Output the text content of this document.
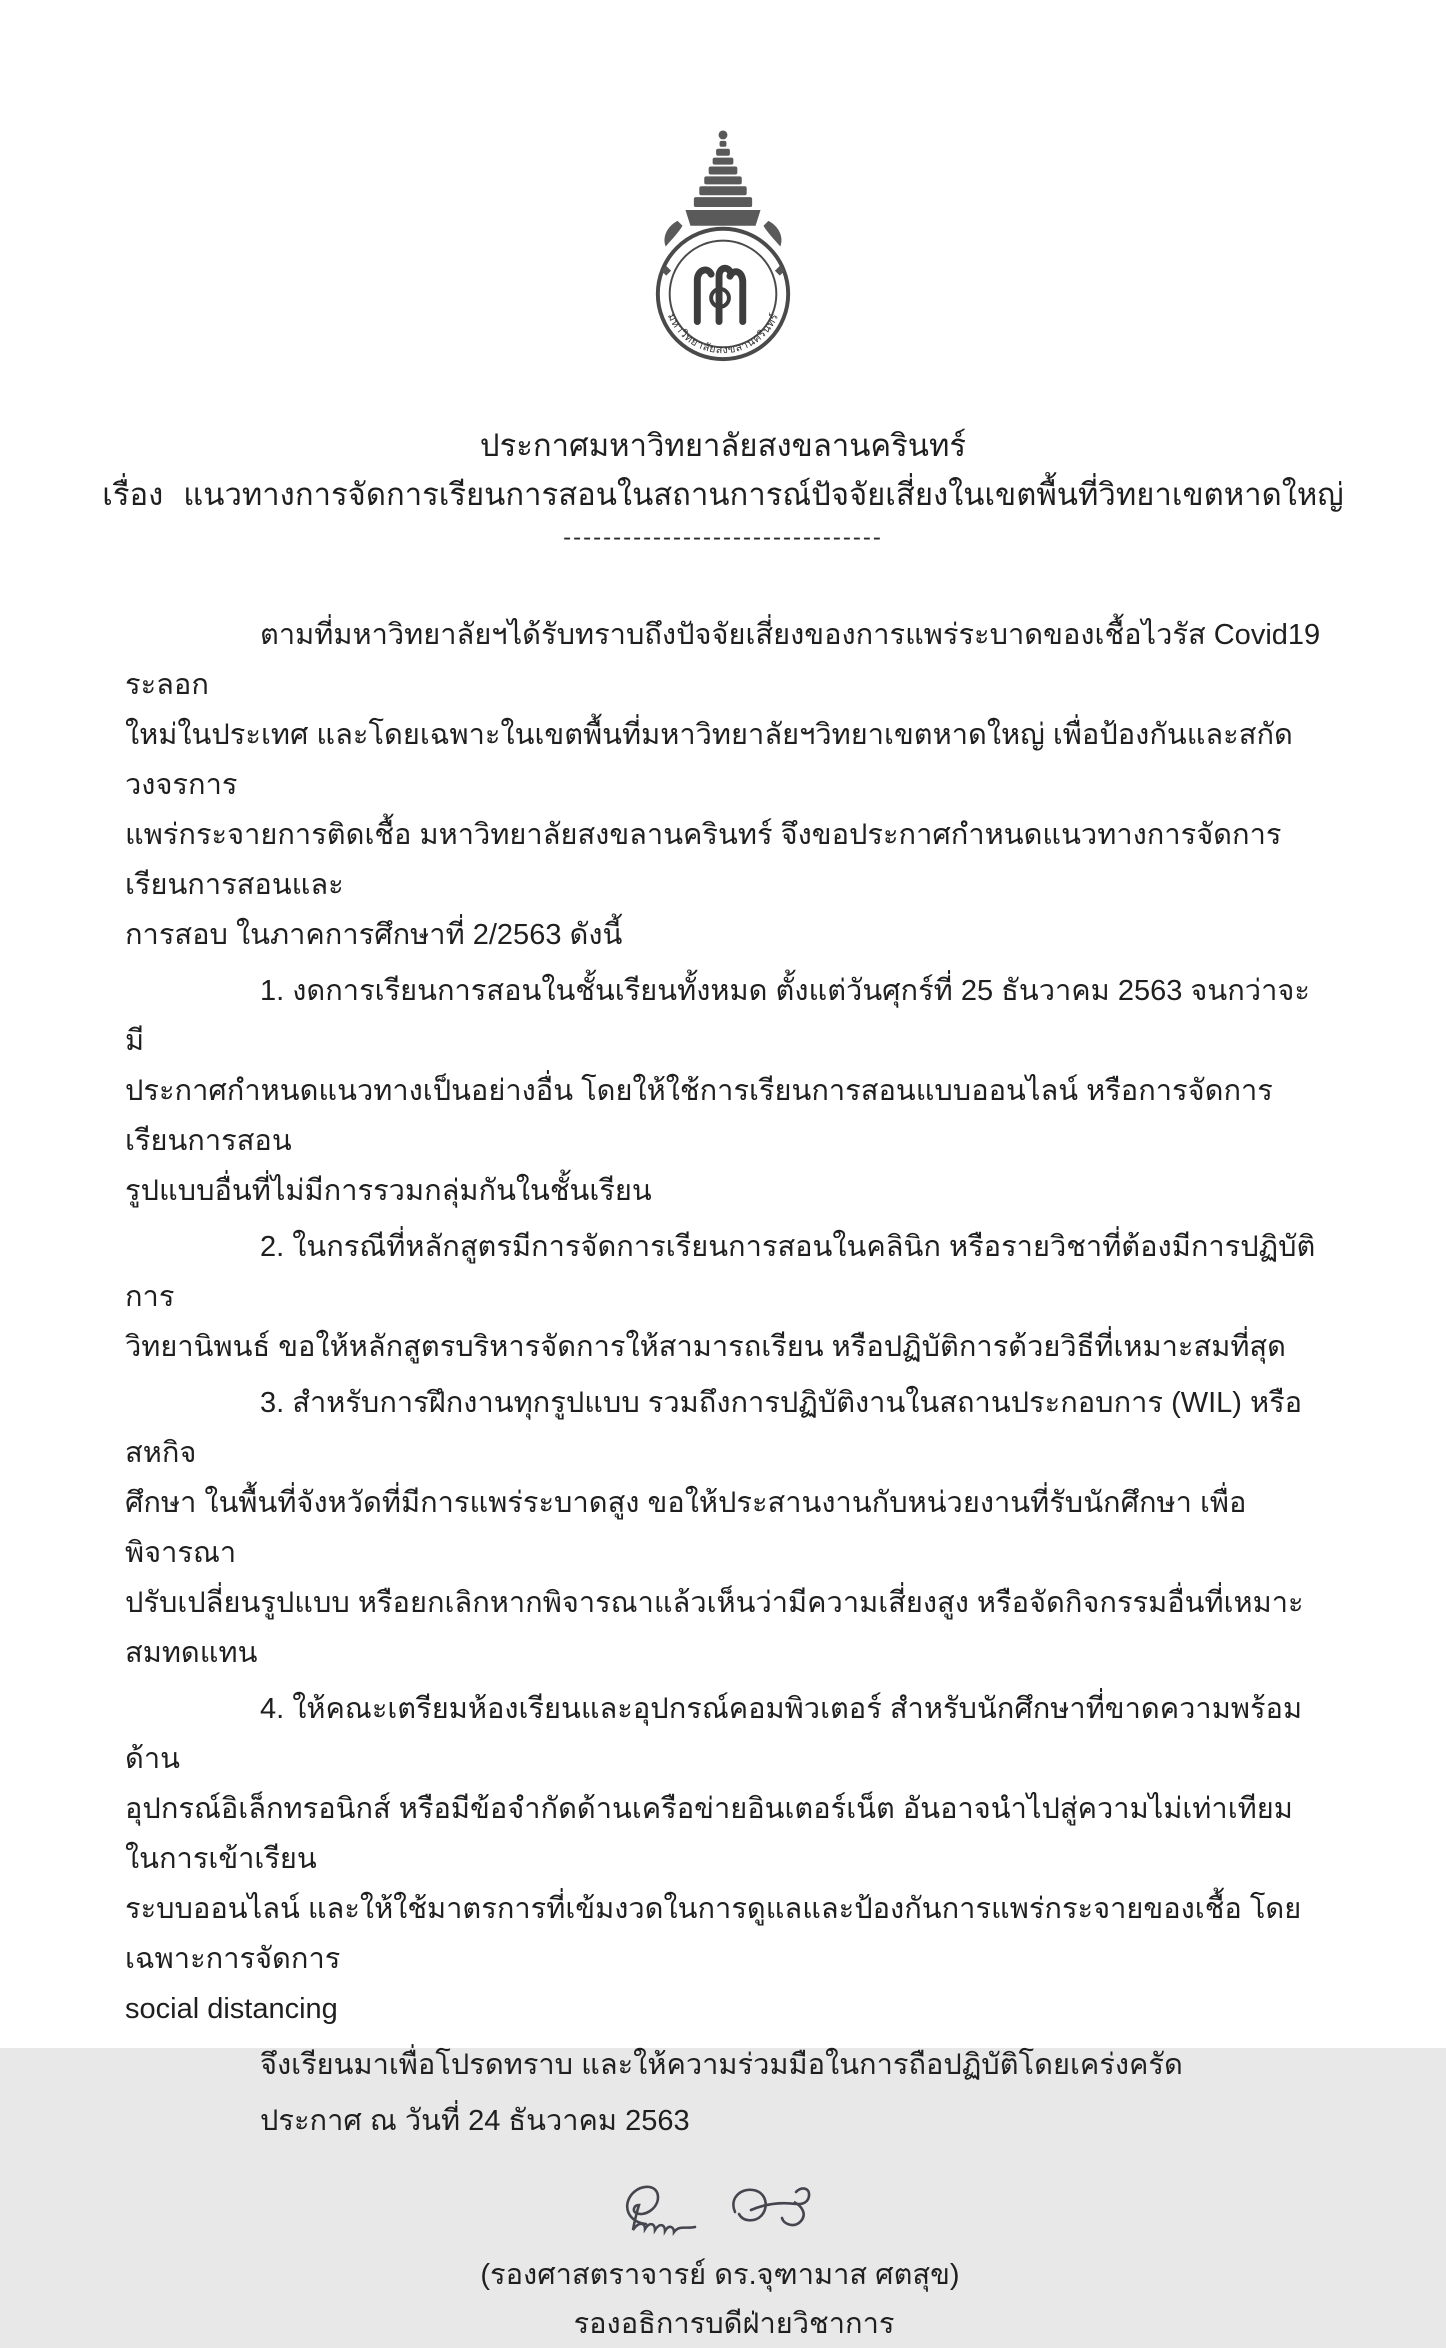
มหาวิทยาลัยสงขลานครินทร์
ประกาศมหาวิทยาลัยสงขลานครินทร์
เรื่อง แนวทางการจัดการเรียนการสอนในสถานการณ์ปัจจัยเสี่ยงในเขตพื้นที่วิทยาเขตหาดใหญ่
--------------------------------

ตามที่มหาวิทยาลัยฯได้รับทราบถึงปัจจัยเสี่ยงของการแพร่ระบาดของเชื้อไวรัส Covid19 ระลอก
ใหม่ในประเทศ และโดยเฉพาะในเขตพื้นที่มหาวิทยาลัยฯวิทยาเขตหาดใหญ่ เพื่อป้องกันและสกัดวงจรการ
แพร่กระจายการติดเชื้อ มหาวิทยาลัยสงขลานครินทร์ จึงขอประกาศกำหนดแนวทางการจัดการเรียนการสอนและ
การสอบ ในภาคการศึกษาที่ 2/2563 ดังนี้

1. งดการเรียนการสอนในชั้นเรียนทั้งหมด ตั้งแต่วันศุกร์ที่ 25 ธันวาคม 2563 จนกว่าจะมี
ประกาศกำหนดแนวทางเป็นอย่างอื่น โดยให้ใช้การเรียนการสอนแบบออนไลน์ หรือการจัดการเรียนการสอน
รูปแบบอื่นที่ไม่มีการรวมกลุ่มกันในชั้นเรียน

2. ในกรณีที่หลักสูตรมีการจัดการเรียนการสอนในคลินิก หรือรายวิชาที่ต้องมีการปฏิบัติการ
วิทยานิพนธ์ ขอให้หลักสูตรบริหารจัดการให้สามารถเรียน หรือปฏิบัติการด้วยวิธีที่เหมาะสมที่สุด

3. สำหรับการฝึกงานทุกรูปแบบ รวมถึงการปฏิบัติงานในสถานประกอบการ (WIL) หรือสหกิจ
ศึกษา ในพื้นที่จังหวัดที่มีการแพร่ระบาดสูง ขอให้ประสานงานกับหน่วยงานที่รับนักศึกษา เพื่อพิจารณา
ปรับเปลี่ยนรูปแบบ หรือยกเลิกหากพิจารณาแล้วเห็นว่ามีความเสี่ยงสูง หรือจัดกิจกรรมอื่นที่เหมาะสมทดแทน

4. ให้คณะเตรียมห้องเรียนและอุปกรณ์คอมพิวเตอร์ สำหรับนักศึกษาที่ขาดความพร้อมด้าน
อุปกรณ์อิเล็กทรอนิกส์ หรือมีข้อจำกัดด้านเครือข่ายอินเตอร์เน็ต อันอาจนำไปสู่ความไม่เท่าเทียมในการเข้าเรียน
ระบบออนไลน์ และให้ใช้มาตรการที่เข้มงวดในการดูแลและป้องกันการแพร่กระจายของเชื้อ โดยเฉพาะการจัดการ
social distancing

จึงเรียนมาเพื่อโปรดทราบ และให้ความร่วมมือในการถือปฏิบัติโดยเคร่งครัด

ประกาศ ณ วันที่ 24 ธันวาคม 2563

(รองศาสตราจารย์ ดร.จุฑามาส ศตสุข)
รองอธิการบดีฝ่ายวิชาการ
